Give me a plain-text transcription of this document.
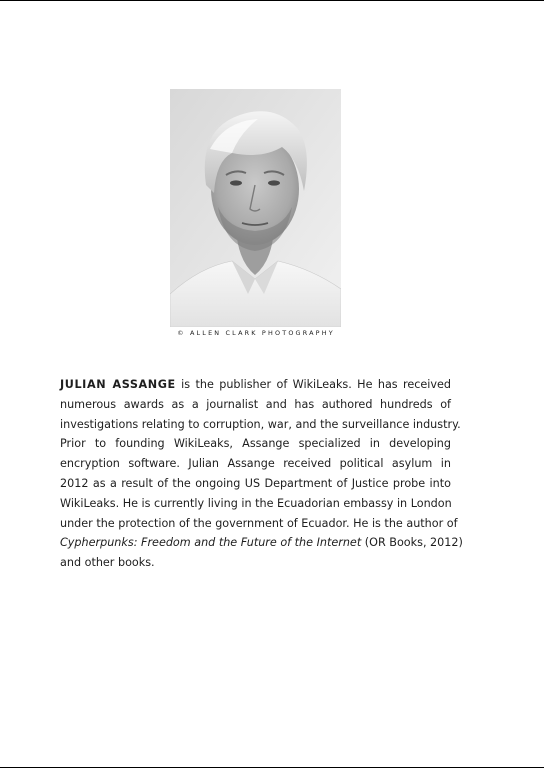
© ALLEN CLARK PHOTOGRAPHY
JULIAN ASSANGE is the publisher of WikiLeaks. He has received
numerous awards as a journalist and has authored hundreds of
investigations relating to corruption, war, and the surveillance industry.
Prior to founding WikiLeaks, Assange specialized in developing
encryption software. Julian Assange received political asylum in
2012 as a result of the ongoing US Department of Justice probe into
WikiLeaks. He is currently living in the Ecuadorian embassy in London
under the protection of the government of Ecuador. He is the author of
Cypherpunks: Freedom and the Future of the Internet (OR Books, 2012)
and other books.
